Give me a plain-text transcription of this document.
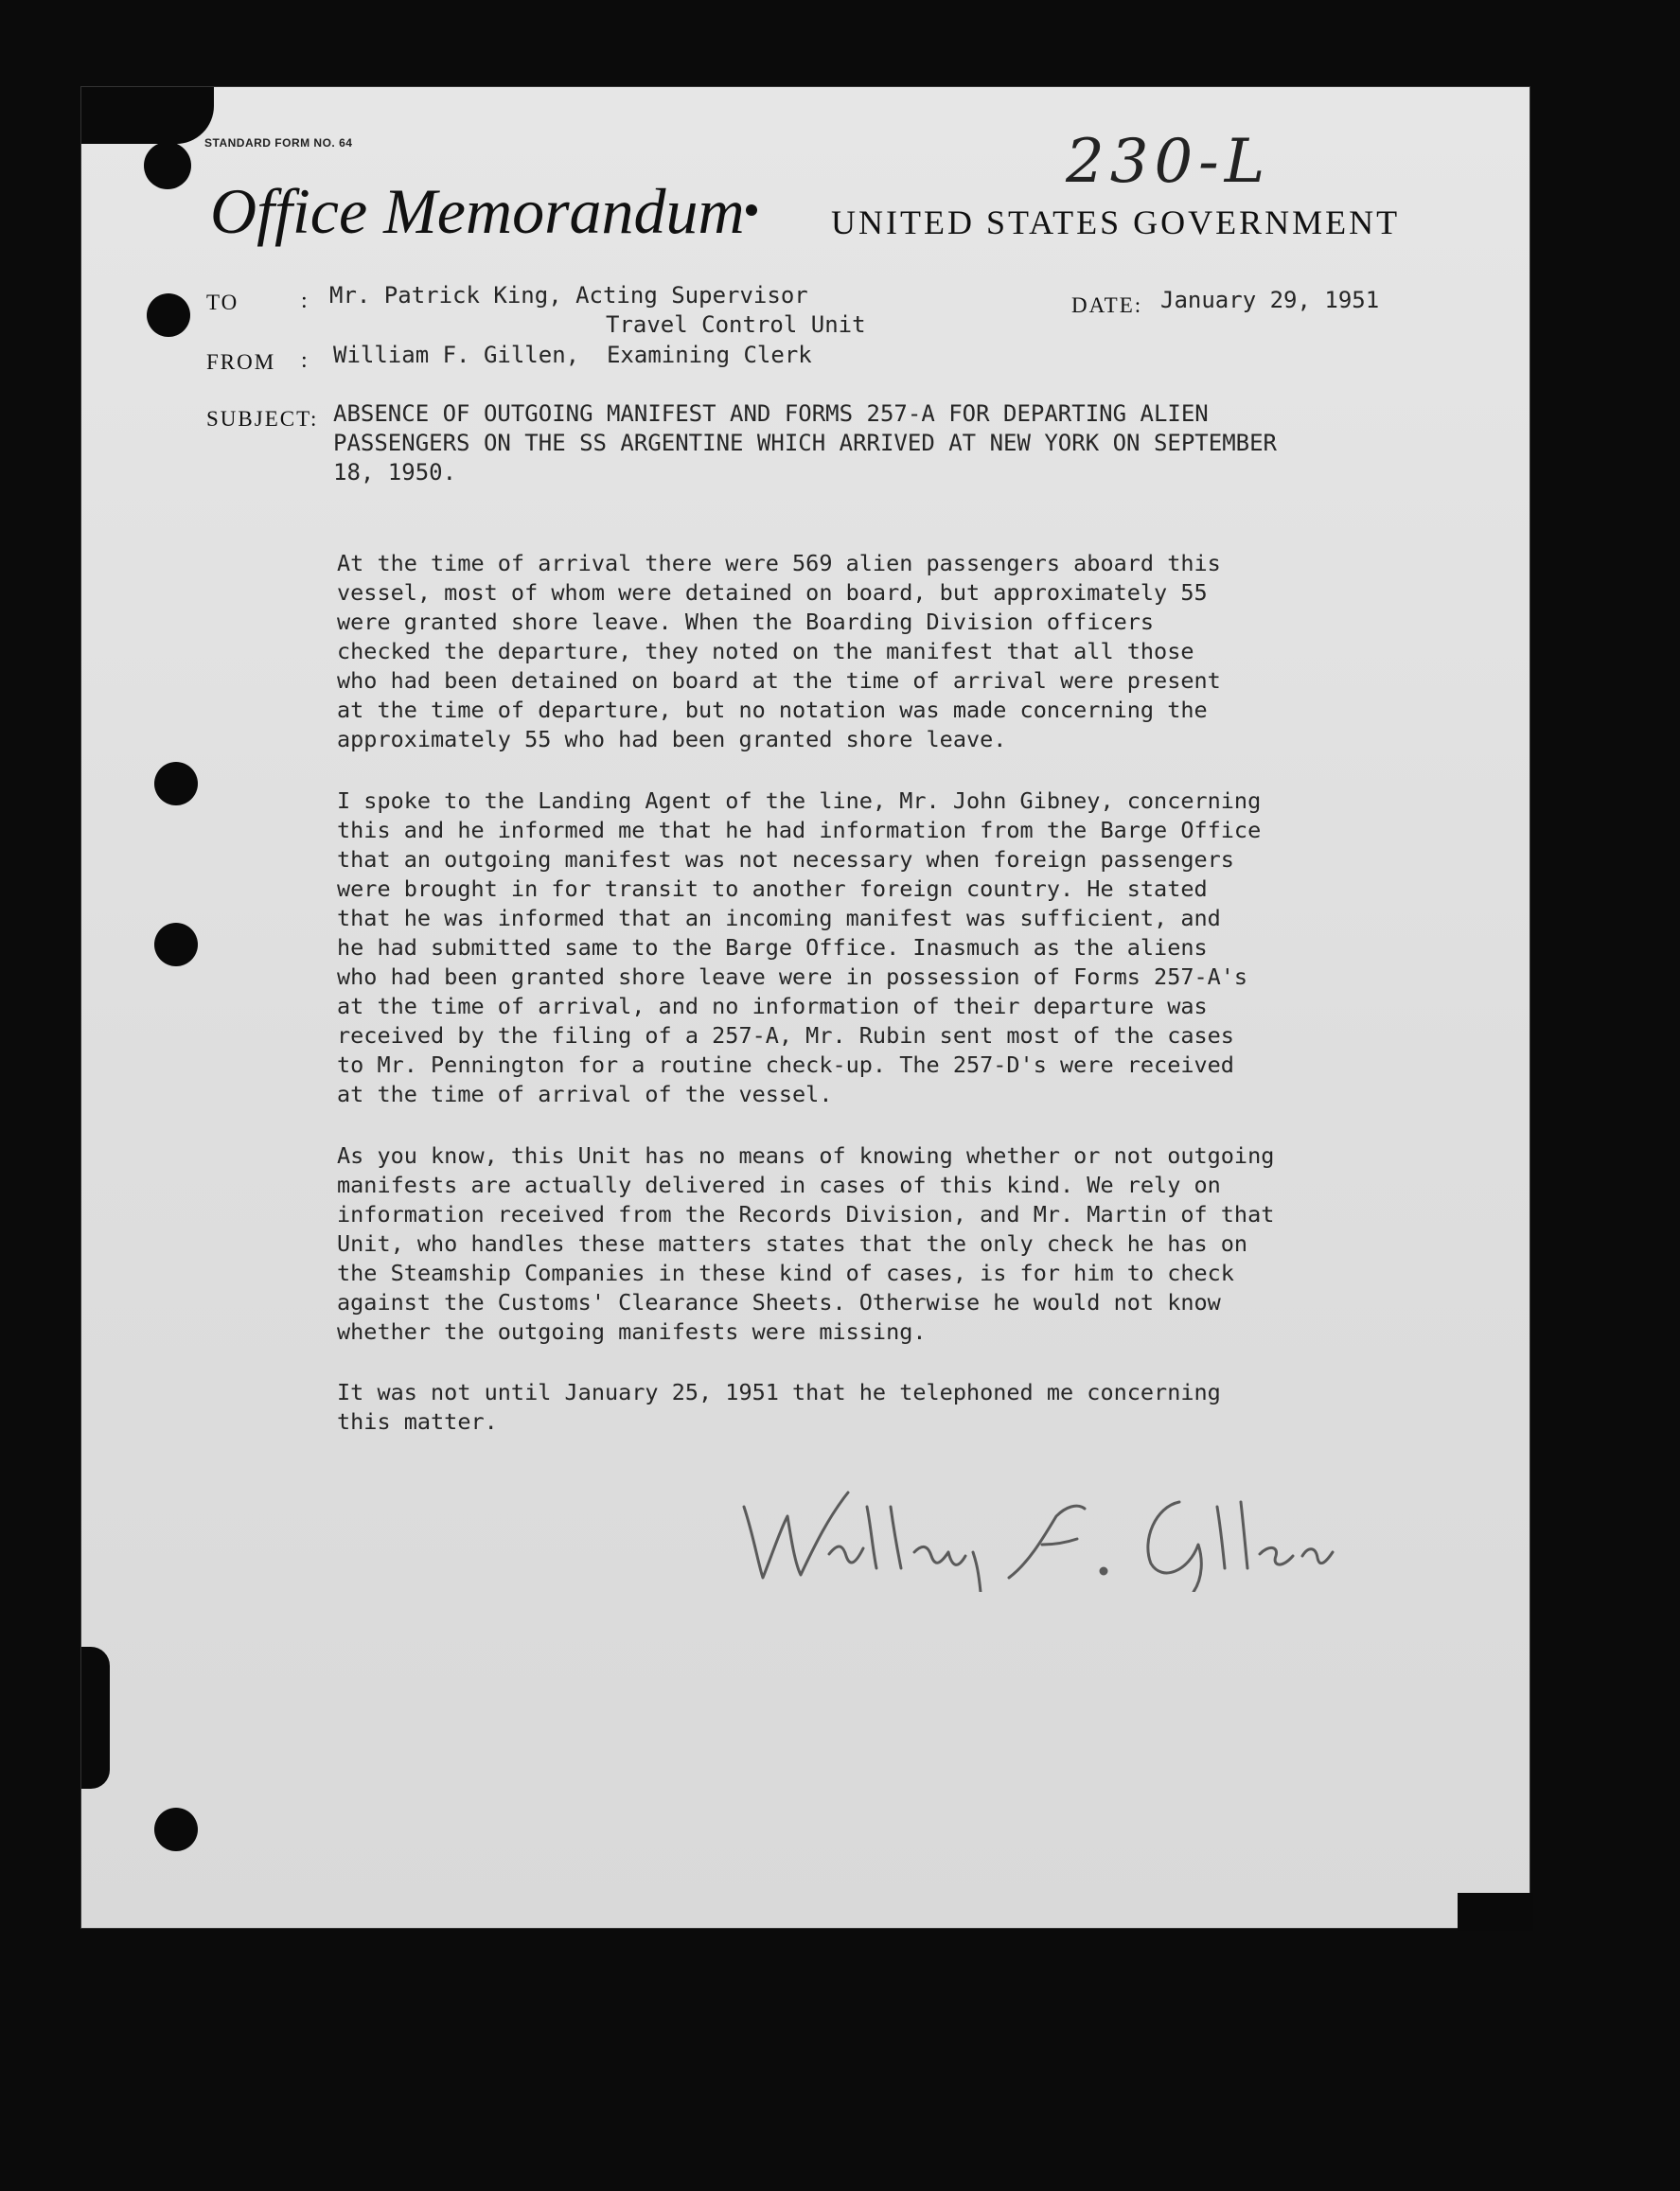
STANDARD FORM NO. 64	230-L
Office Memorandum	UNITED STATES GOVERNMENT
TO	: Mr. Patrick King, Acting Supervisor
Travel Control Unit
DATE: January 29, 1951
FROM : William F. Gillen,  Examining Clerk
SUBJECT: ABSENCE OF OUTGOING MANIFEST AND FORMS 257-A FOR DEPARTING ALIEN
PASSENGERS ON THE SS ARGENTINE WHICH ARRIVED AT NEW YORK ON SEPTEMBER
18, 1950.
At the time of arrival there were 569 alien passengers aboard this
vessel, most of whom were detained on board, but approximately 55
were granted shore leave. When the Boarding Division officers
checked the departure, they noted on the manifest that all those
who had been detained on board at the time of arrival were present
at the time of departure, but no notation was made concerning the
approximately 55 who had been granted shore leave.
I spoke to the Landing Agent of the line, Mr. John Gibney, concerning
this and he informed me that he had information from the Barge Office
that an outgoing manifest was not necessary when foreign passengers
were brought in for transit to another foreign country. He stated
that he was informed that an incoming manifest was sufficient, and
he had submitted same to the Barge Office. Inasmuch as the aliens
who had been granted shore leave were in possession of Forms 257-A's
at the time of arrival, and no information of their departure was
received by the filing of a 257-A, Mr. Rubin sent most of the cases
to Mr. Pennington for a routine check-up. The 257-D's were received
at the time of arrival of the vessel.
As you know, this Unit has no means of knowing whether or not outgoing
manifests are actually delivered in cases of this kind. We rely on
information received from the Records Division, and Mr. Martin of that
Unit, who handles these matters states that the only check he has on
the Steamship Companies in these kind of cases, is for him to check
against the Customs' Clearance Sheets. Otherwise he would not know
whether the outgoing manifests were missing.
It was not until January 25, 1951 that he telephoned me concerning
this matter.
